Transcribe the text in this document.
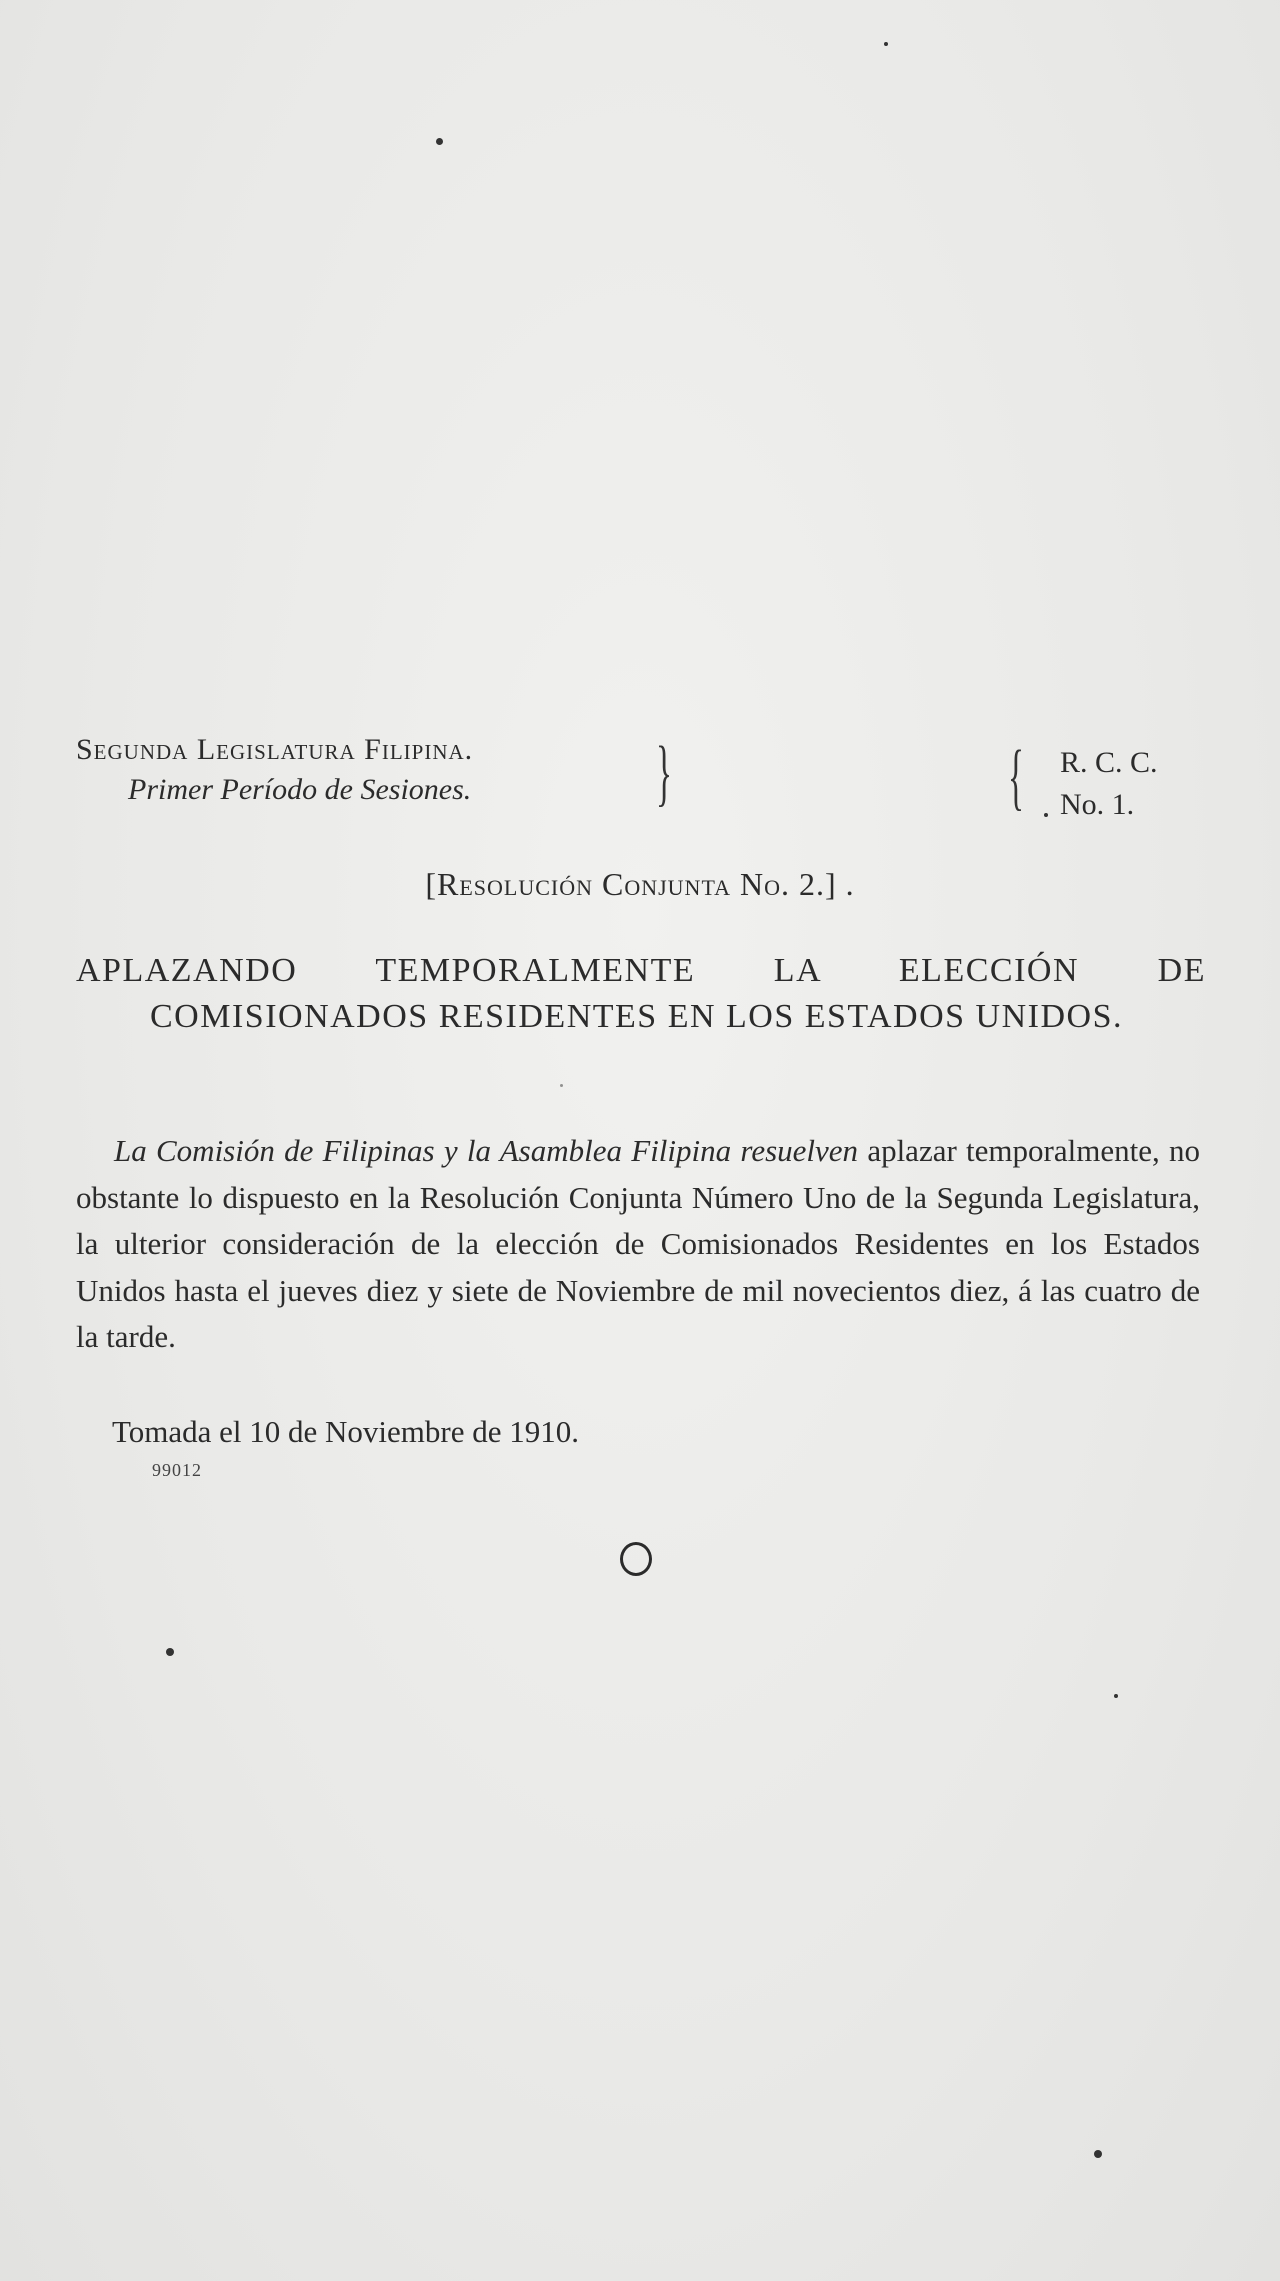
Segunda Legislatura Filipina.
Primer Período de Sesiones.	}	{ R. C. C.
No. 1.
[Resolución Conjunta No. 2.] .
APLAZANDO TEMPORALMENTE LA ELECCIÓN DE COMISIONADOS RESIDENTES EN LOS ESTADOS UNIDOS.

La Comisión de Filipinas y la Asamblea Filipina resuelven aplazar temporalmente, no obstante lo dispuesto en la Resolución Conjunta Número Uno de la Segunda Legislatura, la ulterior consideración de la elección de Comisionados Residentes en los Estados Unidos hasta el jueves diez y siete de Noviembre de mil novecientos diez, á las cuatro de la tarde.

Tomada el 10 de Noviembre de 1910.
99012
